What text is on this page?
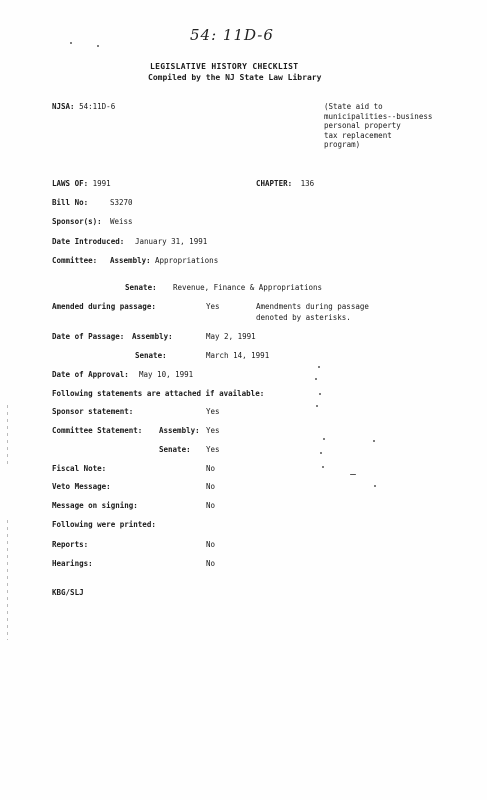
54: 11D-6
LEGISLATIVE HISTORY CHECKLIST
Compiled by the NJ State Law Library
NJSA: 54:11D-6	(State aid to
municipalities--business
personal property
tax replacement
program)
LAWS OF: 1991	CHAPTER: 136
Bill No:	S3270
Sponsor(s): Weiss
Date Introduced: January 31, 1991
Committee: Assembly: Appropriations
Senate: Revenue, Finance & Appropriations
Amended during passage:	Yes	Amendments during passage
denoted by asterisks.
Date of Passage: Assembly:	May 2, 1991
Senate:	March 14, 1991
Date of Approval: May 10, 1991
Following statements are attached if available:
Sponsor statement:	Yes
Committee Statement: Assembly: Yes
Senate: Yes
Fiscal Note:	No
Veto Message:	No
Message on signing:	No
Following were printed:
Reports:	No
Hearings:	No
KBG/SLJ
